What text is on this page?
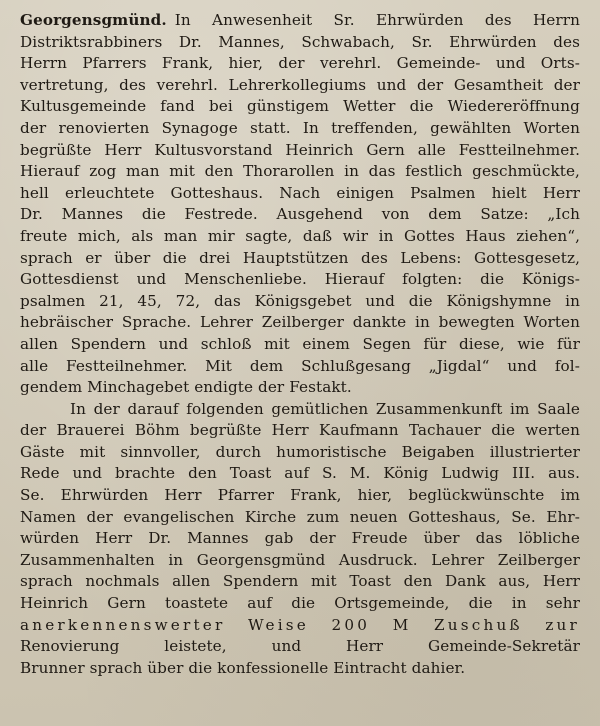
Georgensgmünd. In Anwesenheit Sr. Ehrwürden des Herrn
Distriktsrabbiners Dr. Mannes, Schwabach, Sr. Ehrwürden des
Herrn Pfarrers Frank, hier, der verehrl. Gemeinde- und Orts-
vertretung, des verehrl. Lehrerkollegiums und der Gesamtheit der
Kultusgemeinde fand bei günstigem Wetter die Wiedereröffnung
der renovierten Synagoge statt. In treffenden, gewählten Worten
begrüßte Herr Kultusvorstand Heinrich Gern alle Festteilnehmer.
Hierauf zog man mit den Thorarollen in das festlich geschmückte,
hell erleuchtete Gotteshaus. Nach einigen Psalmen hielt Herr
Dr. Mannes die Festrede. Ausgehend von dem Satze: „Ich
freute mich, als man mir sagte, daß wir in Gottes Haus ziehen“,
sprach er über die drei Hauptstützen des Lebens: Gottesgesetz,
Gottesdienst und Menschenliebe. Hierauf folgten: die Königs-
psalmen 21, 45, 72, das Königsgebet und die Königshymne in
hebräischer Sprache. Lehrer Zeilberger dankte in bewegten Worten
allen Spendern und schloß mit einem Segen für diese, wie für
alle Festteilnehmer. Mit dem Schlußgesang „Jigdal“ und fol-
gendem Minchagebet endigte der Festakt.
In der darauf folgenden gemütlichen Zusammenkunft im Saale
der Brauerei Böhm begrüßte Herr Kaufmann Tachauer die werten
Gäste mit sinnvoller, durch humoristische Beigaben illustrierter
Rede und brachte den Toast auf S. M. König Ludwig III. aus.
Se. Ehrwürden Herr Pfarrer Frank, hier, beglückwünschte im
Namen der evangelischen Kirche zum neuen Gotteshaus, Se. Ehr-
würden Herr Dr. Mannes gab der Freude über das löbliche
Zusammenhalten in Georgensgmünd Ausdruck. Lehrer Zeilberger
sprach nochmals allen Spendern mit Toast den Dank aus, Herr
Heinrich Gern toastete auf die Ortsgemeinde, die in sehr
anerkennenswerter Weise 200 M Zuschuß zur
Renovierung leistete, und Herr Gemeinde-Sekretär
Brunner sprach über die konfessionelle Eintracht dahier.
